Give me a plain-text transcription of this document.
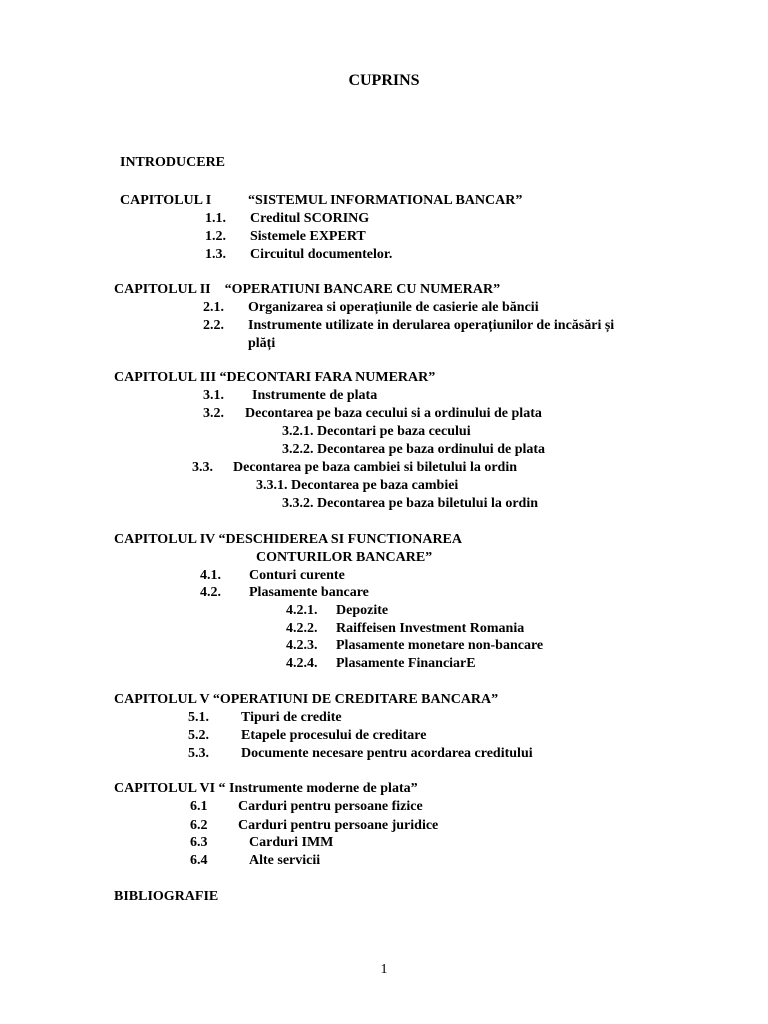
CUPRINS
INTRODUCERE
CAPITOLUL I	“SISTEMUL INFORMATIONAL BANCAR”
1.1. Creditul SCORING
1.2. Sistemele EXPERT
1.3. Circuitul documentelor.
CAPITOLUL II    “OPERATIUNI BANCARE CU NUMERAR”
2.1. Organizarea si operațiunile de casierie ale băncii
2.2. Instrumente utilizate in derularea operațiunilor de incăsări și
plăți
CAPITOLUL III “DECONTARI FARA NUMERAR”
3.1. Instrumente de plata
3.2. Decontarea pe baza cecului si a ordinului de plata
3.2.1. Decontari pe baza cecului
3.2.2. Decontarea pe baza ordinului de plata
3.3. Decontarea pe baza cambiei si biletului la ordin
3.3.1. Decontarea pe baza cambiei
3.3.2. Decontarea pe baza biletului la ordin
CAPITOLUL IV “DESCHIDEREA SI FUNCTIONAREA
CONTURILOR BANCARE”
4.1. Conturi curente
4.2. Plasamente bancare
4.2.1. Depozite
4.2.2. Raiffeisen Investment Romania
4.2.3. Plasamente monetare non-bancare
4.2.4. Plasamente FinanciarE
CAPITOLUL V “OPERATIUNI DE CREDITARE BANCARA”
5.1. Tipuri de credite
5.2. Etapele procesului de creditare
5.3. Documente necesare pentru acordarea creditului
CAPITOLUL VI “ Instrumente moderne de plata”
6.1 Carduri pentru persoane fizice
6.2 Carduri pentru persoane juridice
6.3	Carduri IMM
6.4	Alte servicii
BIBLIOGRAFIE
1
